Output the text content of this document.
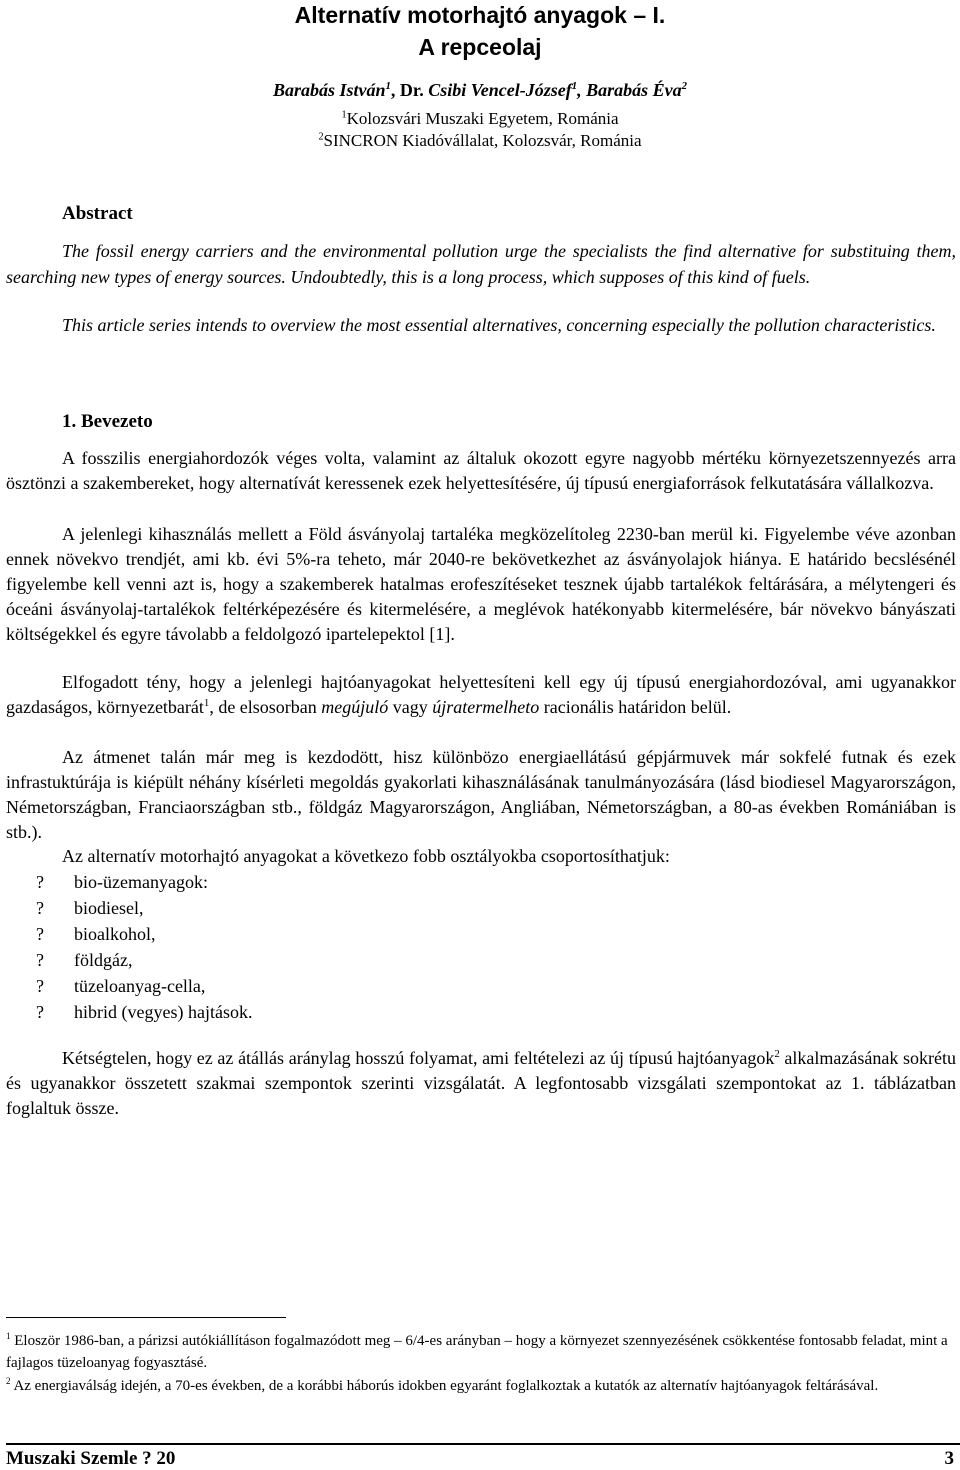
Alternatív motorhajtó anyagok – I.
A repceolaj
Barabás István$^1$, Dr. Csibi Vencel-József$^1$, Barabás Éva$^2$
$^1$Kolozsvári Muszaki Egyetem, Románia
$^2$SINCRON Kiadóvállalat, Kolozsvár, Románia
Abstract

The fossil energy carriers and the environmental pollution urge the specialists the find alternative for substituing them, searching new types of energy sources. Undoubtedly, this is a long process, which supposes of this kind of fuels.

This article series intends to overview the most essential alternatives, concerning especially the pollution characteristics.

1. Bevezeto

A fosszilis energiahordozók véges volta, valamint az általuk okozott egyre nagyobb mértéku környezetszennyezés arra ösztönzi a szakembereket, hogy alternatívát keressenek ezek helyettesítésére, új típusú energiaforrások felkutatására vállalkozva.

A jelenlegi kihasználás mellett a Föld ásványolaj tartaléka megközelítoleg 2230-ban merül ki. Figyelembe véve azonban ennek növekvo trendjét, ami kb. évi 5%-ra teheto, már 2040-re bekövetkezhet az ásványolajok hiánya. E határido becslésénél figyelembe kell venni azt is, hogy a szakemberek hatalmas erofeszítéseket tesznek újabb tartalékok feltárására, a mélytengeri és óceáni ásványolaj-tartalékok feltérképezésére és kitermelésére, a meglévok hatékonyabb kitermelésére, bár növekvo bányászati költségekkel és egyre távolabb a feldolgozó ipartelepektol [1].

Elfogadott tény, hogy a jelenlegi hajtóanyagokat helyettesíteni kell egy új típusú energiahordozóval, ami ugyanakkor gazdaságos, környezetbarát$^1$, de elsosorban megújuló vagy újratermelheto racionális határidon belül.

Az átmenet talán már meg is kezdodött, hisz különbözo energiaellátású gépjármuvek már sokfelé futnak és ezek infrastuktúrája is kiépült néhány kísérleti megoldás gyakorlati kihasználásának tanulmányozására (lásd biodiesel Magyarországon, Németországban, Franciaországban stb., földgáz Magyarországon, Angliában, Németországban, a 80-as években Romániában is stb.).

Az alternatív motorhajtó anyagokat a következo fobb osztályokba csoportosíthatjuk:

?	bio-üzemanyagok:
?	biodiesel,
?	bioalkohol,
?	földgáz,
?	tüzeloanyag-cella,
?	hibrid (vegyes) hajtások.

Kétségtelen, hogy ez az átállás aránylag hosszú folyamat, ami feltételezi az új típusú hajtóanyagok$^2$ alkalmazásának sokrétu és ugyanakkor összetett szakmai szempontok szerinti vizsgálatát. A legfontosabb vizsgálati szempontokat az 1. táblázatban foglaltuk össze.

$^1$ Eloször 1986-ban, a párizsi autókiállításon fogalmazódott meg – 6/4-es arányban – hogy a környezet szennyezésének csökkentése fontosabb feladat, mint a fajlagos tüzeloanyag fogyasztásé.

$^2$ Az energiaválság idején, a 70-es években, de a korábbi háborús idokben egyaránt foglalkoztak a kutatók az alternatív hajtóanyagok feltárásával.

Muszaki Szemle ? 20	3
